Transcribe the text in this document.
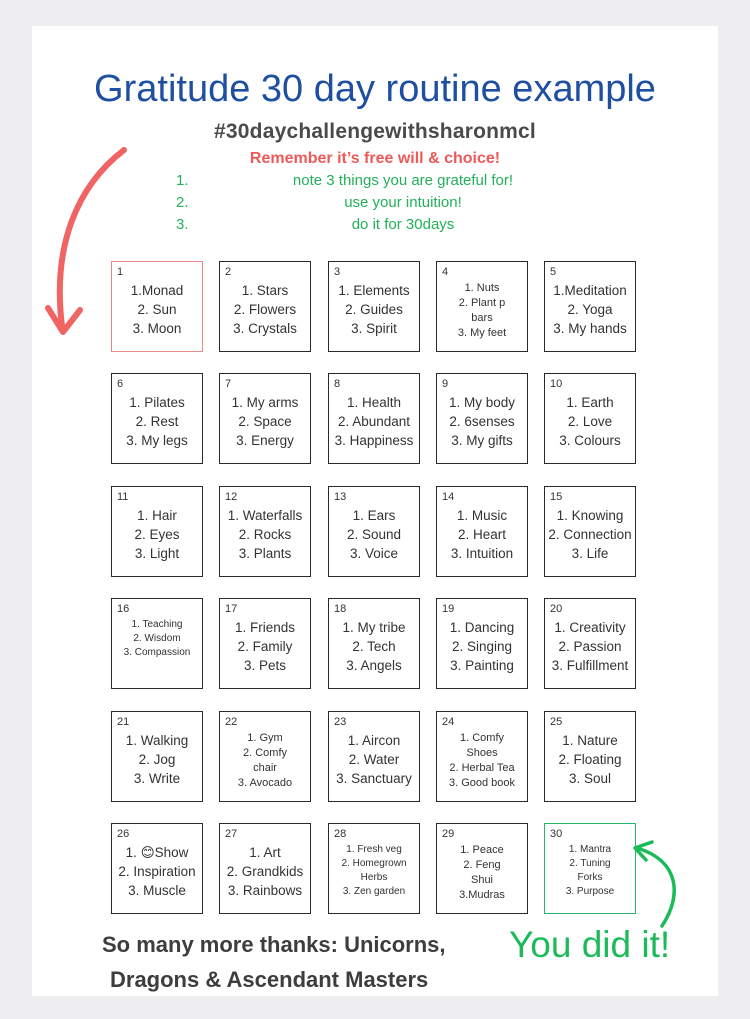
Gratitude 30 day routine example
#30daychallengewithsharonmcl
Remember it’s free will & choice!
1.	note 3 things you are grateful for!
2.	use your intuition!
3.	do it for 30days
1
1.Monad
2. Sun
3. Moon
2
1. Stars
2. Flowers
3. Crystals
3
1. Elements
2. Guides
3. Spirit
4
1. Nuts
2. Plant p
bars
3. My feet
5
1.Meditation
2. Yoga
3. My hands
6
1. Pilates
2. Rest
3. My legs
7
1. My arms
2. Space
3. Energy
8
1. Health
2. Abundant
3. Happiness
9
1. My body
2. 6senses
3. My gifts
10
1. Earth
2. Love
3. Colours
11
1. Hair
2. Eyes
3. Light
12
1. Waterfalls
2. Rocks
3. Plants
13
1. Ears
2. Sound
3. Voice
14
1. Music
2. Heart
3. Intuition
15
1. Knowing
2. Connection
3. Life
16
1. Teaching
2. Wisdom
3. Compassion
17
1. Friends
2. Family
3. Pets
18
1. My tribe
2. Tech
3. Angels
19
1. Dancing
2. Singing
3. Painting
20
1. Creativity
2. Passion
3. Fulfillment
21
1. Walking
2. Jog
3. Write
22
1. Gym
2. Comfy
chair
3. Avocado
23
1. Aircon
2. Water
3. Sanctuary
24
1. Comfy
Shoes
2. Herbal Tea
3. Good book
25
1. Nature
2. Floating
3. Soul
26
1. 😊Show
2. Inspiration
3. Muscle
27
1. Art
2. Grandkids
3. Rainbows
28
1. Fresh veg
2. Homegrown
Herbs
3. Zen garden
29
1. Peace
2. Feng
Shui
3.Mudras
30
1. Mantra
2. Tuning
Forks
3. Purpose
So many more thanks: Unicorns,
Dragons & Ascendant Masters
You did it!
